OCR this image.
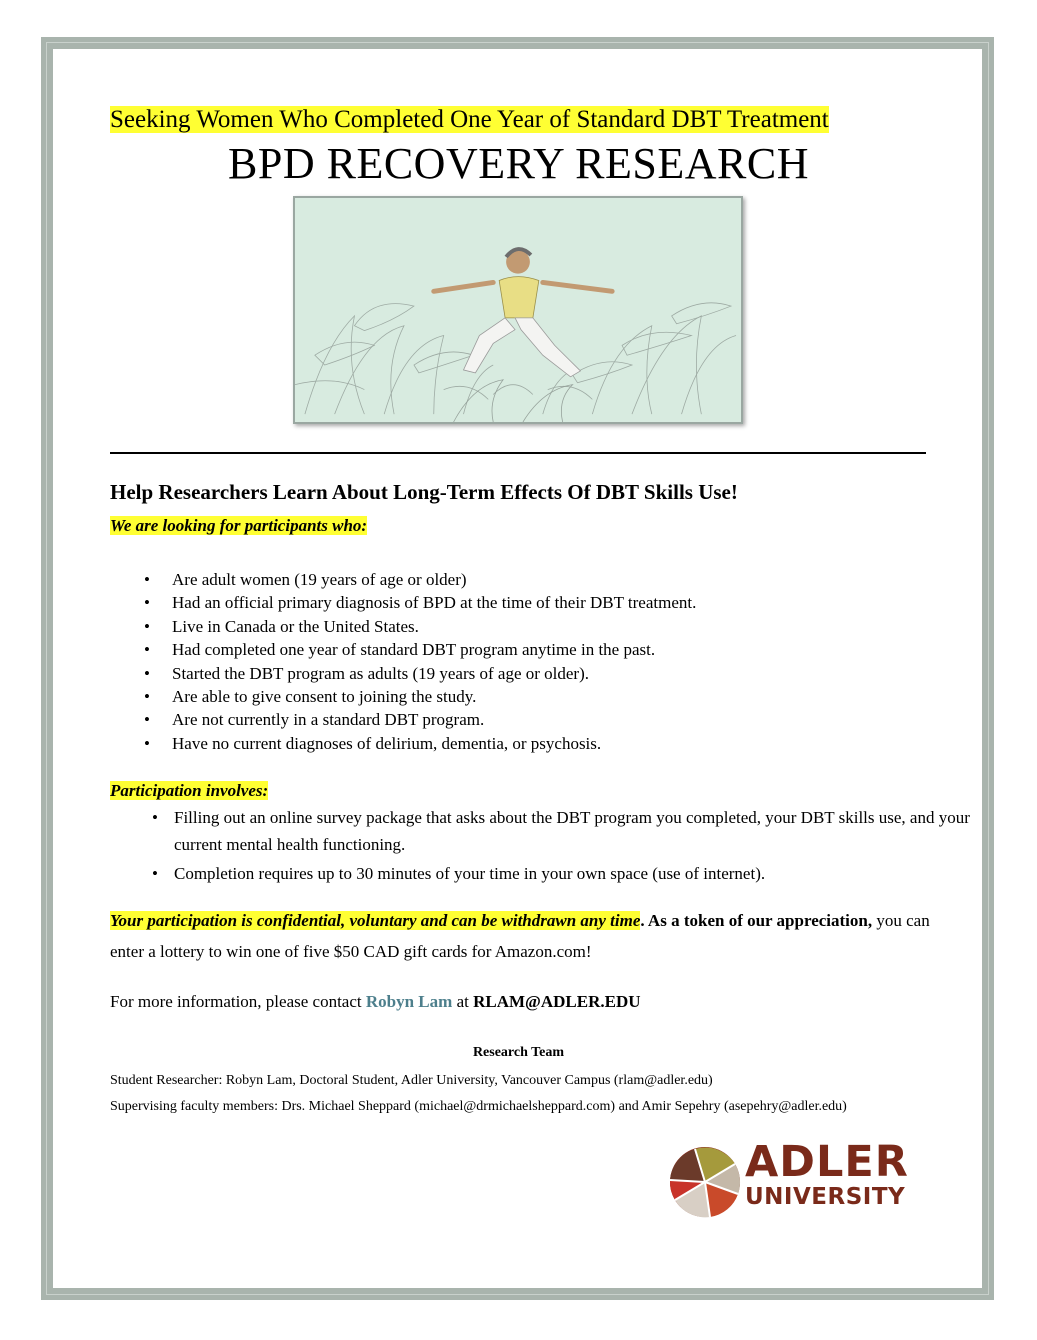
Seeking Women Who Completed One Year of Standard DBT Treatment
BPD RECOVERY RESEARCH
Help Researchers Learn About Long-Term Effects Of DBT Skills Use!
We are looking for participants who:
• Are adult women (19 years of age or older)
• Had an official primary diagnosis of BPD at the time of their DBT treatment.
• Live in Canada or the United States.
• Had completed one year of standard DBT program anytime in the past.
• Started the DBT program as adults (19 years of age or older).
• Are able to give consent to joining the study.
• Are not currently in a standard DBT program.
• Have no current diagnoses of delirium, dementia, or psychosis.
Participation involves:
• Filling out an online survey package that asks about the DBT program you completed, your DBT skills use, and your current mental health functioning.
• Completion requires up to 30 minutes of your time in your own space (use of internet).
Your participation is confidential, voluntary and can be withdrawn any time. As a token of our appreciation, you can enter a lottery to win one of five $50 CAD gift cards for Amazon.com!
For more information, please contact Robyn Lam at RLAM@ADLER.EDU
Research Team
Student Researcher: Robyn Lam, Doctoral Student, Adler University, Vancouver Campus (rlam@adler.edu)
Supervising faculty members: Drs. Michael Sheppard (michael@drmichaelsheppard.com) and Amir Sepehry (asepehry@adler.edu)
ADLER
UNIVERSITY
